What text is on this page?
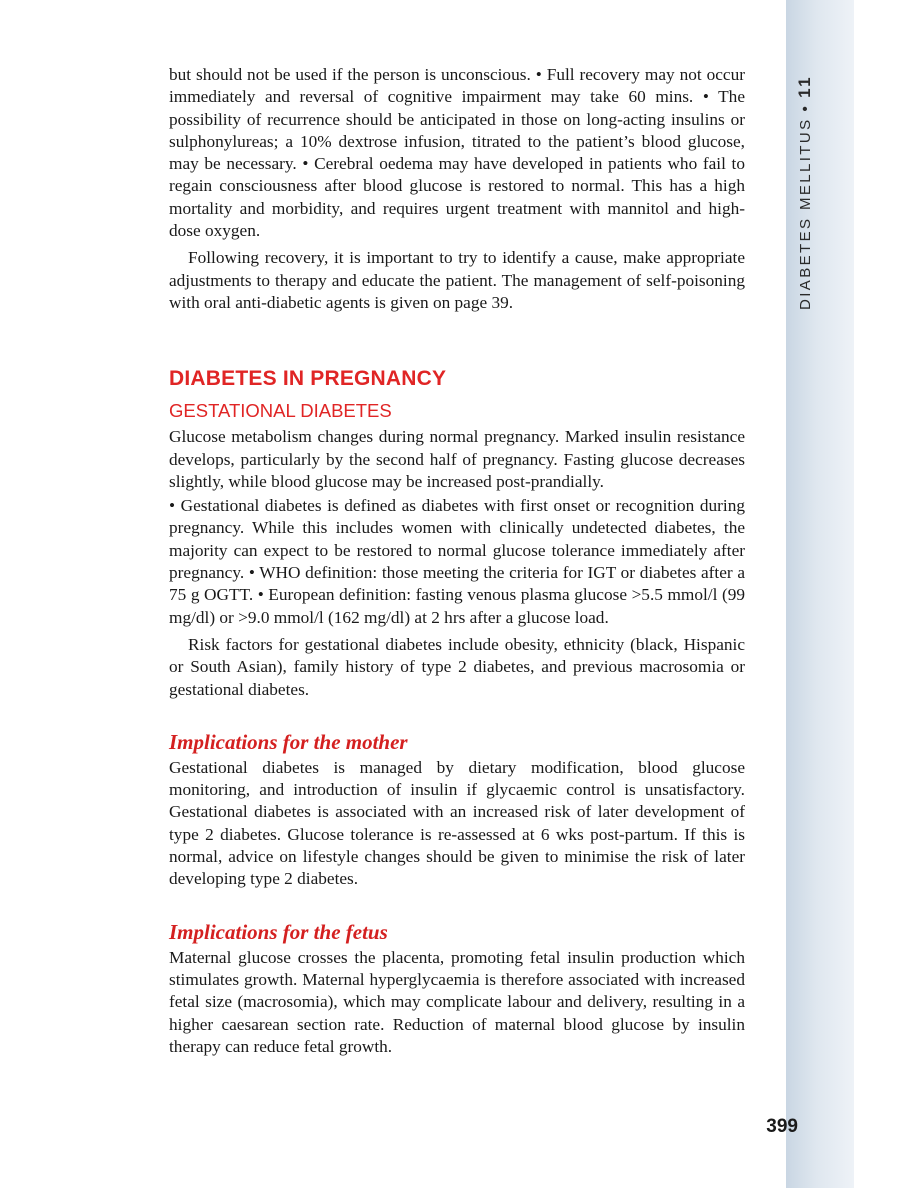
DIABETES MELLITUS•11

but should not be used if the person is unconscious. • Full recovery may not occur immediately and reversal of cognitive impairment may take 60 mins. • The possibility of recurrence should be anticipated in those on long-acting insulins or sulphonylureas; a 10% dextrose infusion, titrated to the patient’s blood glucose, may be necessary. • Cerebral oedema may have developed in patients who fail to regain consciousness after blood glucose is restored to normal. This has a high mortality and morbidity, and requires urgent treatment with mannitol and high-dose oxygen.

Following recovery, it is important to try to identify a cause, make appropriate adjustments to therapy and educate the patient. The management of self-poisoning with oral anti-diabetic agents is given on page 39.

DIABETES IN PREGNANCY
GESTATIONAL DIABETES

Glucose metabolism changes during normal pregnancy. Marked insulin resistance develops, particularly by the second half of pregnancy. Fasting glucose decreases slightly, while blood glucose may be increased post-prandially.

• Gestational diabetes is defined as diabetes with first onset or recognition during pregnancy. While this includes women with clinically undetected diabetes, the majority can expect to be restored to normal glucose tolerance immediately after pregnancy. • WHO definition: those meeting the criteria for IGT or diabetes after a 75 g OGTT. • European definition: fasting venous plasma glucose >5.5 mmol/l (99 mg/dl) or >9.0 mmol/l (162 mg/dl) at 2 hrs after a glucose load.

Risk factors for gestational diabetes include obesity, ethnicity (black, Hispanic or South Asian), family history of type 2 diabetes, and previous macrosomia or gestational diabetes.

Implications for the mother

Gestational diabetes is managed by dietary modification, blood glucose monitoring, and introduction of insulin if glycaemic control is unsatisfactory. Gestational diabetes is associated with an increased risk of later development of type 2 diabetes. Glucose tolerance is re-assessed at 6 wks post-partum. If this is normal, advice on lifestyle changes should be given to minimise the risk of later developing type 2 diabetes.

Implications for the fetus

Maternal glucose crosses the placenta, promoting fetal insulin production which stimulates growth. Maternal hyperglycaemia is therefore associated with increased fetal size (macrosomia), which may complicate labour and delivery, resulting in a higher caesarean section rate. Reduction of maternal blood glucose by insulin therapy can reduce fetal growth.

399
